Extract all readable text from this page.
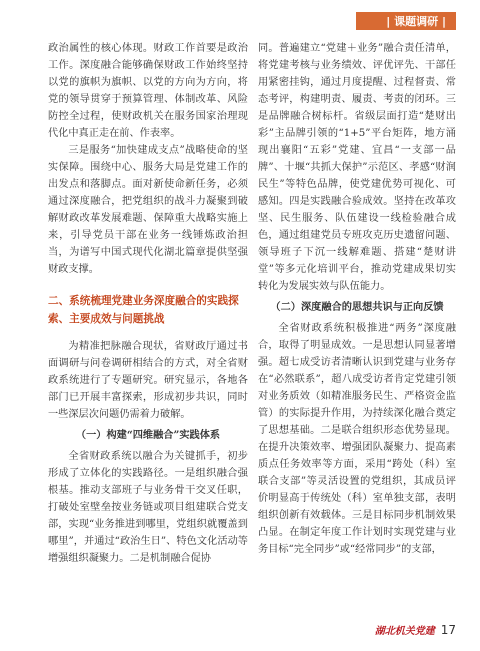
| 课题调研 |

政治属性的核心体现。财政工作首要是政治工作。深度融合能够确保财政工作始终坚持以党的旗帜为旗帜、以党的方向为方向，将党的领导贯穿于预算管理、体制改革、风险防控全过程，使财政机关在服务国家治理现代化中真正走在前、作表率。

三是服务“加快建成支点”战略使命的坚实保障。围绕中心、服务大局是党建工作的出发点和落脚点。面对新使命新任务，必须通过深度融合，把党组织的战斗力凝聚到破解财政改革发展难题、保障重大战略实施上来，引导党员干部在业务一线锤炼政治担当，为谱写中国式现代化湖北篇章提供坚强财政支撑。

二、系统梳理党建业务深度融合的实践探索、主要成效与问题挑战

为精准把脉融合现状，省财政厅通过书面调研与问卷调研相结合的方式，对全省财政系统进行了专题研究。研究显示，各地各部门已开展丰富探索，形成初步共识，同时一些深层次问题仍需着力破解。

（一）构建“四维融合”实践体系

全省财政系统以融合为关键抓手，初步形成了立体化的实践路径。一是组织融合强根基。推动支部班子与业务骨干交叉任职，打破处室壁垒按业务链或项目组建联合党支部，实现“业务推进到哪里，党组织就覆盖到哪里”，并通过“政治生日”、特色文化活动等增强组织凝聚力。二是机制融合促协

同。普遍建立“党建＋业务”融合责任清单，将党建考核与业务绩效、评优评先、干部任用紧密挂钩，通过月度提醒、过程督责、常态考评，构建明责、履责、考责的闭环。三是品牌融合树标杆。省级层面打造“楚财出彩”主品牌引领的“1+5”平台矩阵，地方涌现出襄阳“五彩”党建、宜昌“一支部一品牌”、十堰“共抓大保护”示范区、孝感“财润民生”等特色品牌，使党建优势可视化、可感知。四是实践融合验成效。坚持在改革攻坚、民生服务、队伍建设一线检验融合成色，通过组建党员专班攻克历史遗留问题、领导班子下沉一线解难题、搭建“楚财讲堂”等多元化培训平台，推动党建成果切实转化为发展实效与队伍能力。

（二）深度融合的思想共识与正向反馈

全省财政系统积极推进“两务”深度融合，取得了明显成效。一是思想认同显著增强。超七成受访者清晰认识到党建与业务存在“必然联系”，超八成受访者肯定党建引领对业务质效（如精准服务民生、严格资金监管）的实际提升作用，为持续深化融合奠定了思想基础。二是联合组织形态优势显现。在提升决策效率、增强团队凝聚力、提高素质点任务效率等方面，采用“跨处（科）室联合支部”等灵活设置的党组织，其成员评价明显高于传统处（科）室单独支部，表明组织创新有效载体。三是目标同步机制效果凸显。在制定年度工作计划时实现党建与业务目标“完全同步”或“经常同步”的支部，

湖北机关党建 17
